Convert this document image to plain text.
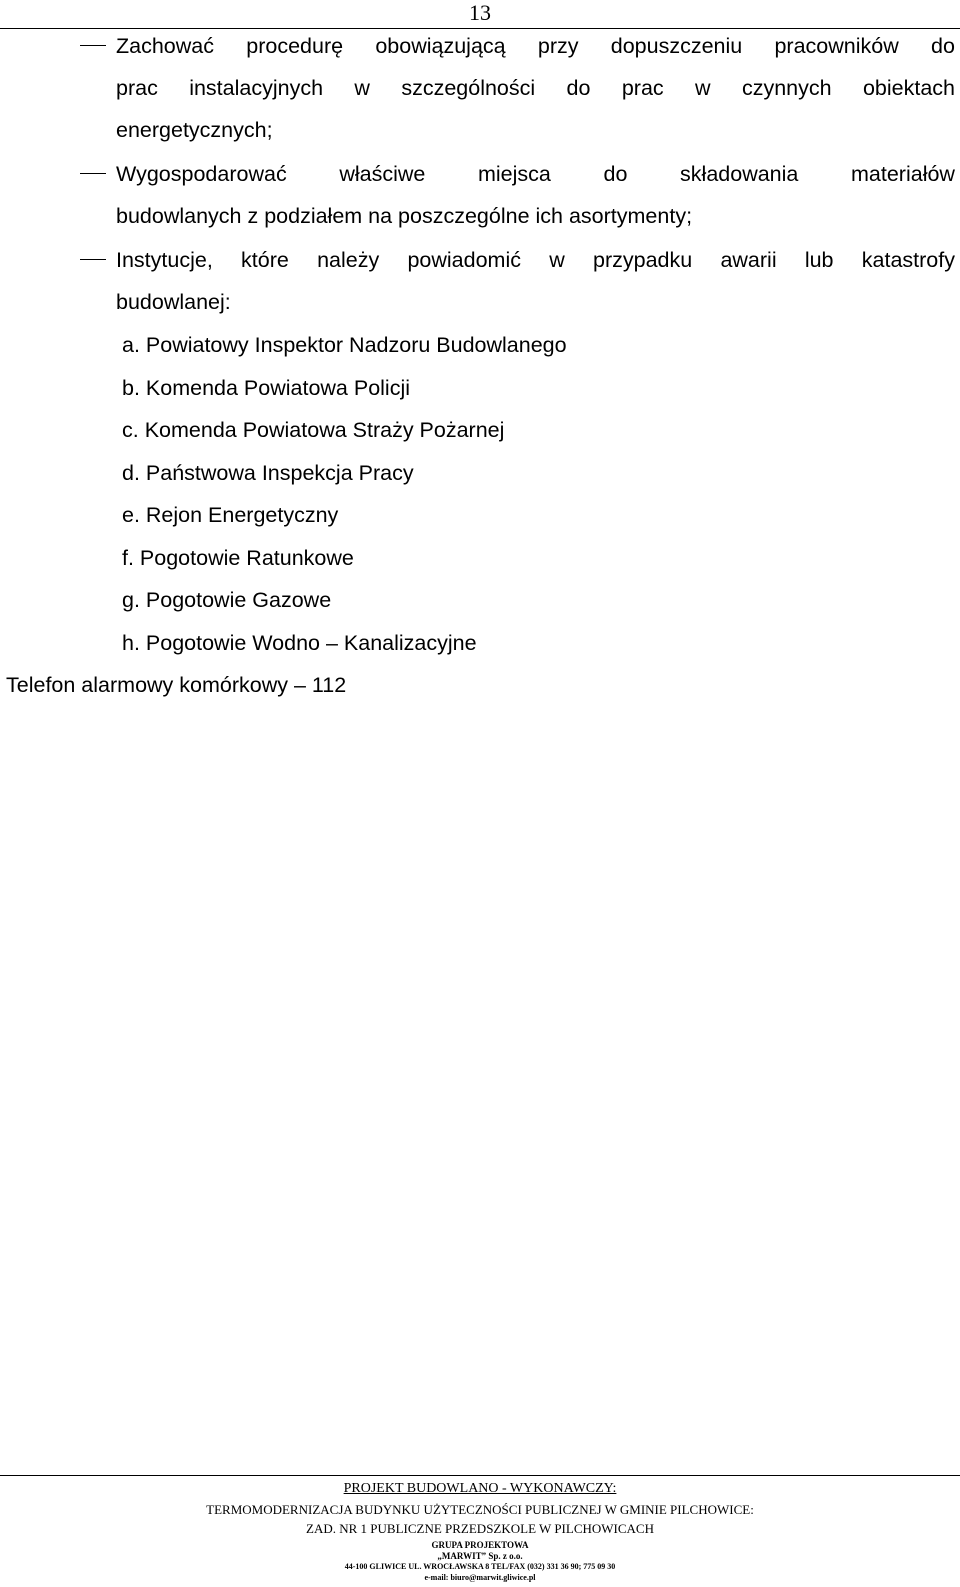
13
Zachować procedurę obowiązującą przy dopuszczeniu pracowników do
prac instalacyjnych w szczególności do prac w czynnych obiektach
energetycznych;
Wygospodarować właściwe miejsca do składowania materiałów
budowlanych z podziałem na poszczególne ich asortymenty;
Instytucje, które należy powiadomić w przypadku awarii lub katastrofy
budowlanej:
a. Powiatowy Inspektor Nadzoru Budowlanego
b. Komenda Powiatowa Policji
c. Komenda Powiatowa Straży Pożarnej
d. Państwowa Inspekcja Pracy
e. Rejon Energetyczny
f. Pogotowie Ratunkowe
g. Pogotowie Gazowe
h. Pogotowie Wodno – Kanalizacyjne
Telefon alarmowy komórkowy – 112
PROJEKT BUDOWLANO - WYKONAWCZY:
TERMOMODERNIZACJA BUDYNKU UŻYTECZNOŚCI PUBLICZNEJ W GMINIE PILCHOWICE:
ZAD. NR 1 PUBLICZNE PRZEDSZKOLE W PILCHOWICACH
GRUPA PROJEKTOWA
„MARWIT” Sp. z o.o.
44-100 GLIWICE UL. WROCŁAWSKA 8 TEL/FAX (032) 331 36 90; 775 09 30
e-mail: biuro@marwit.gliwice.pl
